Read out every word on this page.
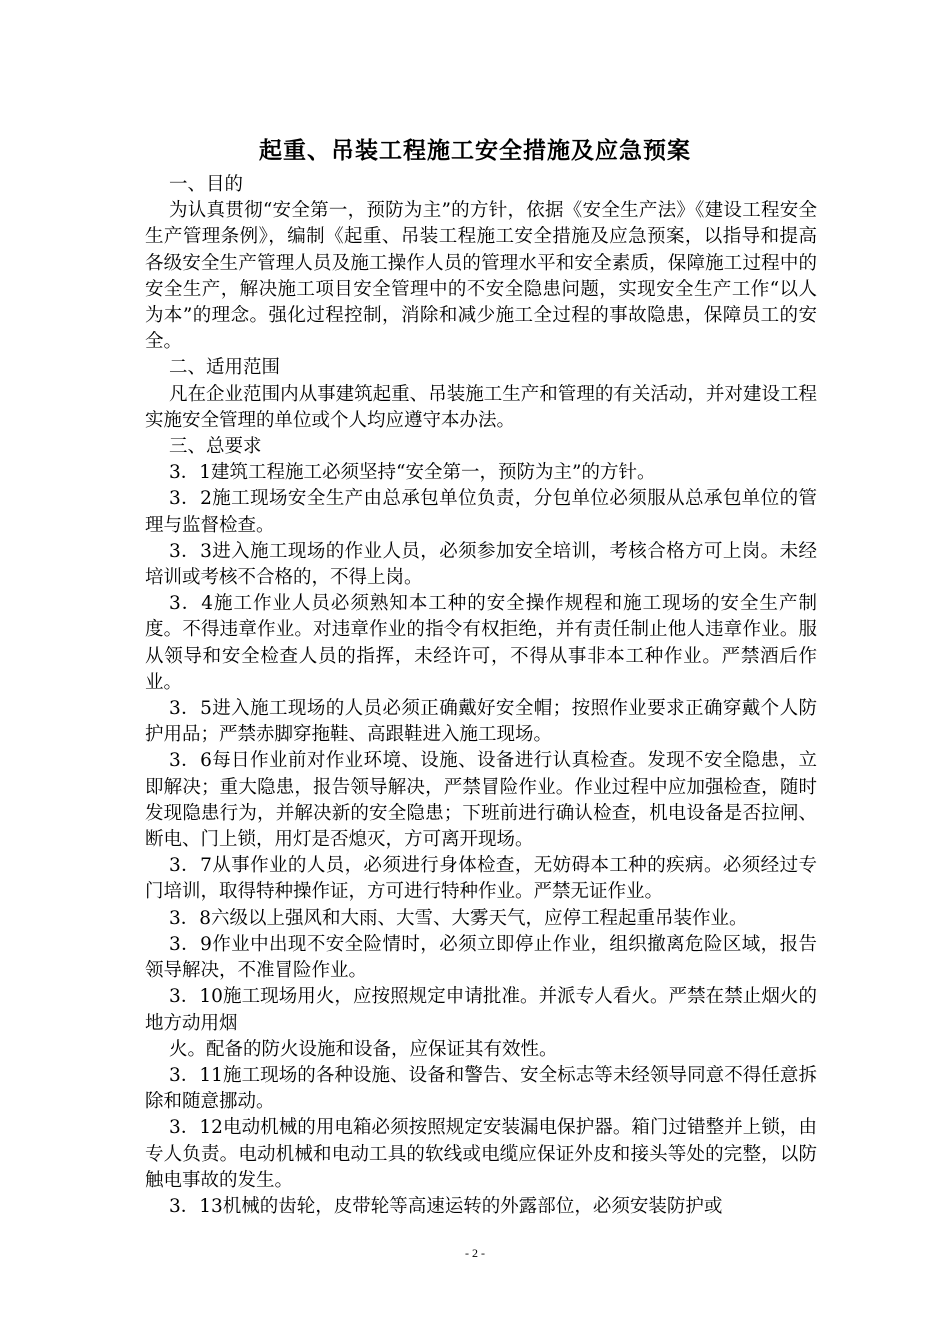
起重、吊装工程施工安全措施及应急预案

一、目的

为认真贯彻“安全第一，预防为主”的方针，依据《安全生产法》《建设工程安全生产管理条例》，编制《起重、吊装工程施工安全措施及应急预案，以指导和提高各级安全生产管理人员及施工操作人员的管理水平和安全素质，保障施工过程中的安全生产，解决施工项目安全管理中的不安全隐患问题，实现安全生产工作“以人为本”的理念。强化过程控制，消除和减少施工全过程的事故隐患，保障员工的安全。

二、适用范围

凡在企业范围内从事建筑起重、吊装施工生产和管理的有关活动，并对建设工程实施安全管理的单位或个人均应遵守本办法。

三、总要求

3．1建筑工程施工必须坚持“安全第一，预防为主”的方针。

3．2施工现场安全生产由总承包单位负责，分包单位必须服从总承包单位的管理与监督检查。

3．3进入施工现场的作业人员，必须参加安全培训，考核合格方可上岗。未经培训或考核不合格的，不得上岗。

3．4施工作业人员必须熟知本工种的安全操作规程和施工现场的安全生产制度。不得违章作业。对违章作业的指令有权拒绝，并有责任制止他人违章作业。服从领导和安全检查人员的指挥，未经许可，不得从事非本工种作业。严禁酒后作业。

3．5进入施工现场的人员必须正确戴好安全帽；按照作业要求正确穿戴个人防护用品；严禁赤脚穿拖鞋、高跟鞋进入施工现场。

3．6每日作业前对作业环境、设施、设备进行认真检查。发现不安全隐患，立即解决；重大隐患，报告领导解决，严禁冒险作业。作业过程中应加强检查，随时发现隐患行为，并解决新的安全隐患；下班前进行确认检查，机电设备是否拉闸、断电、门上锁，用灯是否熄灭，方可离开现场。

3．7从事作业的人员，必须进行身体检查，无妨碍本工种的疾病。必须经过专门培训，取得特种操作证，方可进行特种作业。严禁无证作业。

3．8六级以上强风和大雨、大雪、大雾天气，应停工程起重吊装作业。

3．9作业中出现不安全险情时，必须立即停止作业，组织撤离危险区域，报告领导解决，不准冒险作业。

3．10施工现场用火，应按照规定申请批准。并派专人看火。严禁在禁止烟火的地方动用烟

火。配备的防火设施和设备，应保证其有效性。

3．11施工现场的各种设施、设备和警告、安全标志等未经领导同意不得任意拆除和随意挪动。

3．12电动机械的用电箱必须按照规定安装漏电保护器。箱门过错整并上锁，由专人负责。电动机械和电动工具的软线或电缆应保证外皮和接头等处的完整，以防触电事故的发生。

3．13机械的齿轮，皮带轮等高速运转的外露部位，必须安装防护或

- 2 -
